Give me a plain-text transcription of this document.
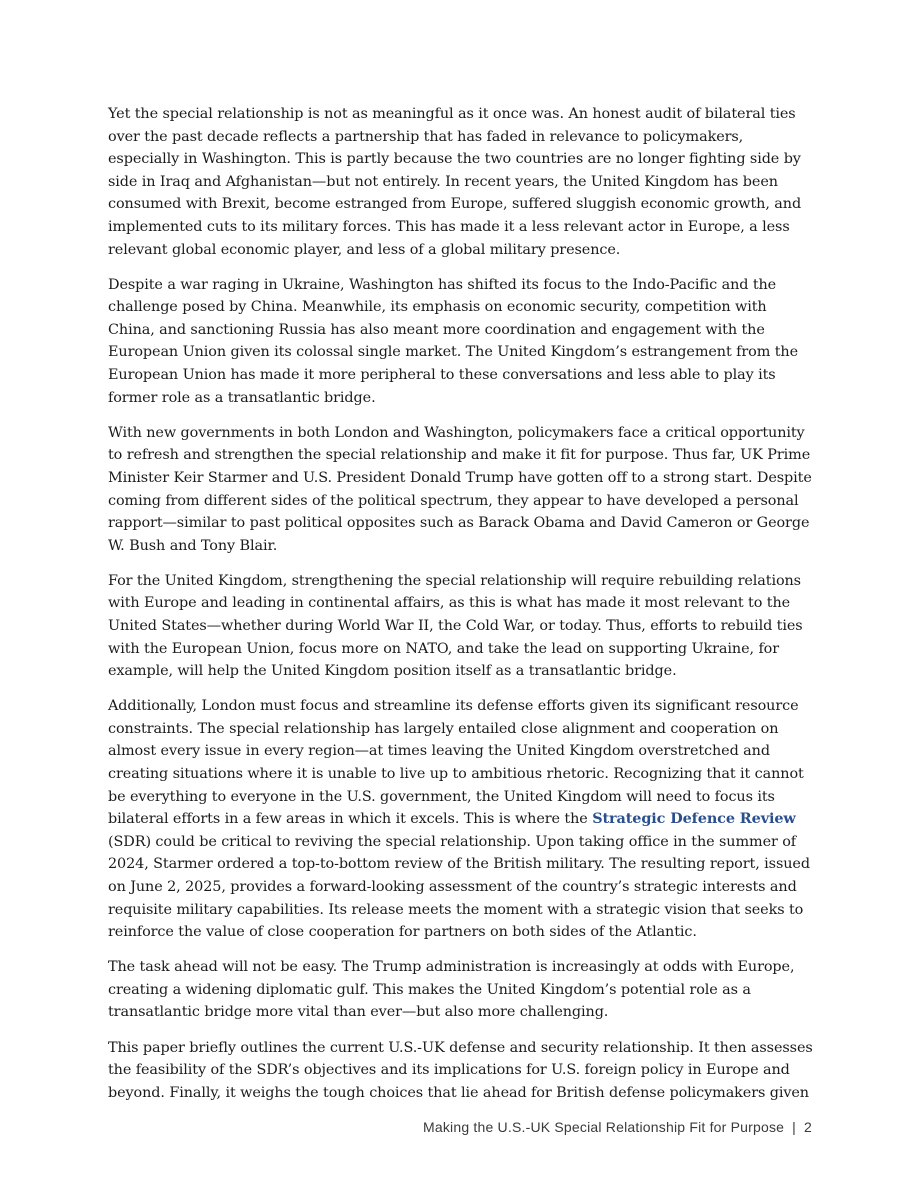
Yet the special relationship is not as meaningful as it once was. An honest audit of bilateral ties over the past decade reflects a partnership that has faded in relevance to policymakers, especially in Washington. This is partly because the two countries are no longer fighting side by side in Iraq and Afghanistan—but not entirely. In recent years, the United Kingdom has been consumed with Brexit, become estranged from Europe, suffered sluggish economic growth, and implemented cuts to its military forces. This has made it a less relevant actor in Europe, a less relevant global economic player, and less of a global military presence.

Despite a war raging in Ukraine, Washington has shifted its focus to the Indo-Pacific and the challenge posed by China. Meanwhile, its emphasis on economic security, competition with China, and sanctioning Russia has also meant more coordination and engagement with the European Union given its colossal single market. The United Kingdom’s estrangement from the European Union has made it more peripheral to these conversations and less able to play its former role as a transatlantic bridge.

With new governments in both London and Washington, policymakers face a critical opportunity to refresh and strengthen the special relationship and make it fit for purpose. Thus far, UK Prime Minister Keir Starmer and U.S. President Donald Trump have gotten off to a strong start. Despite coming from different sides of the political spectrum, they appear to have developed a personal rapport—similar to past political opposites such as Barack Obama and David Cameron or George W. Bush and Tony Blair.

For the United Kingdom, strengthening the special relationship will require rebuilding relations with Europe and leading in continental affairs, as this is what has made it most relevant to the United States—whether during World War II, the Cold War, or today. Thus, efforts to rebuild ties with the European Union, focus more on NATO, and take the lead on supporting Ukraine, for example, will help the United Kingdom position itself as a transatlantic bridge.

Additionally, London must focus and streamline its defense efforts given its significant resource constraints. The special relationship has largely entailed close alignment and cooperation on almost every issue in every region—at times leaving the United Kingdom overstretched and creating situations where it is unable to live up to ambitious rhetoric. Recognizing that it cannot be everything to everyone in the U.S. government, the United Kingdom will need to focus its bilateral efforts in a few areas in which it excels. This is where the Strategic Defence Review (SDR) could be critical to reviving the special relationship. Upon taking office in the summer of 2024, Starmer ordered a top-to-bottom review of the British military. The resulting report, issued on June 2, 2025, provides a forward-looking assessment of the country’s strategic interests and requisite military capabilities. Its release meets the moment with a strategic vision that seeks to reinforce the value of close cooperation for partners on both sides of the Atlantic.

The task ahead will not be easy. The Trump administration is increasingly at odds with Europe, creating a widening diplomatic gulf. This makes the United Kingdom’s potential role as a transatlantic bridge more vital than ever—but also more challenging.

This paper briefly outlines the current U.S.-UK defense and security relationship. It then assesses the feasibility of the SDR’s objectives and its implications for U.S. foreign policy in Europe and beyond. Finally, it weighs the tough choices that lie ahead for British defense policymakers given

Making the U.S.-UK Special Relationship Fit for Purpose | 2
